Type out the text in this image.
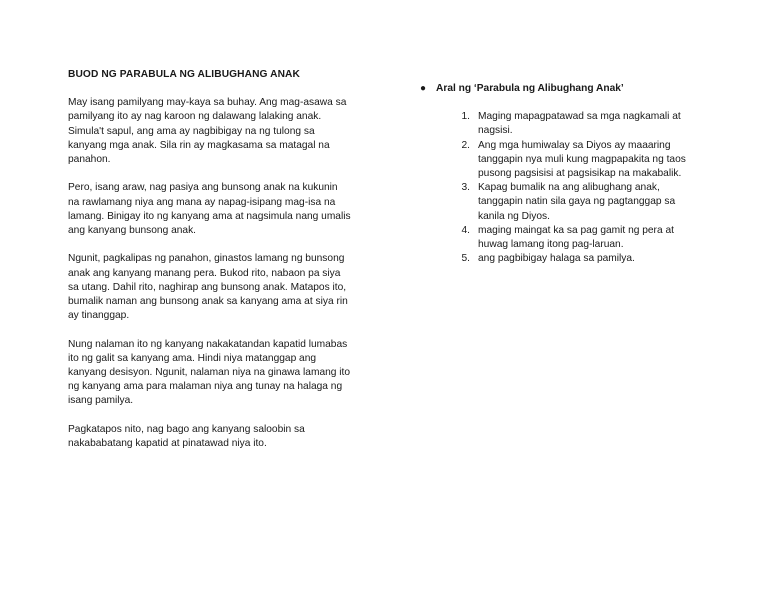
BUOD NG PARABULA NG ALIBUGHANG ANAK

May isang pamilyang may-kaya sa buhay. Ang mag-asawa sa
pamilyang ito ay nag karoon ng dalawang lalaking anak.
Simula't sapul, ang ama ay nagbibigay na ng tulong sa
kanyang mga anak. Sila rin ay magkasama sa matagal na
panahon.

Pero, isang araw, nag pasiya ang bunsong anak na kukunin
na rawlamang niya ang mana ay napag-isipang mag-isa na
lamang. Binigay ito ng kanyang ama at nagsimula nang umalis
ang kanyang bunsong anak.

Ngunit, pagkalipas ng panahon, ginastos lamang ng bunsong
anak ang kanyang manang pera. Bukod rito, nabaon pa siya
sa utang. Dahil rito, naghirap ang bunsong anak. Matapos ito,
bumalik naman ang bunsong anak sa kanyang ama at siya rin
ay tinanggap.

Nung nalaman ito ng kanyang nakakatandan kapatid lumabas
ito ng galit sa kanyang ama. Hindi niya matanggap ang
kanyang desisyon. Ngunit, nalaman niya na ginawa lamang ito
ng kanyang ama para malaman niya ang tunay na halaga ng
isang pamilya.

Pagkatapos nito, nag bago ang kanyang saloobin sa
nakababatang kapatid at pinatawad niya ito.

● Aral ng ‘Parabula ng Alibughang Anak’
1. Maging mapagpatawad sa mga nagkamali at
nagsisi.
2. Ang mga humiwalay sa Diyos ay maaaring
tanggapin nya muli kung magpapakita ng taos
pusong pagsisisi at pagsisikap na makabalik.
3. Kapag bumalik na ang alibughang anak,
tanggapin natin sila gaya ng pagtanggap sa
kanila ng Diyos.
4. maging maingat ka sa pag gamit ng pera at
huwag lamang itong pag-laruan.
5. ang pagbibigay halaga sa pamilya.
